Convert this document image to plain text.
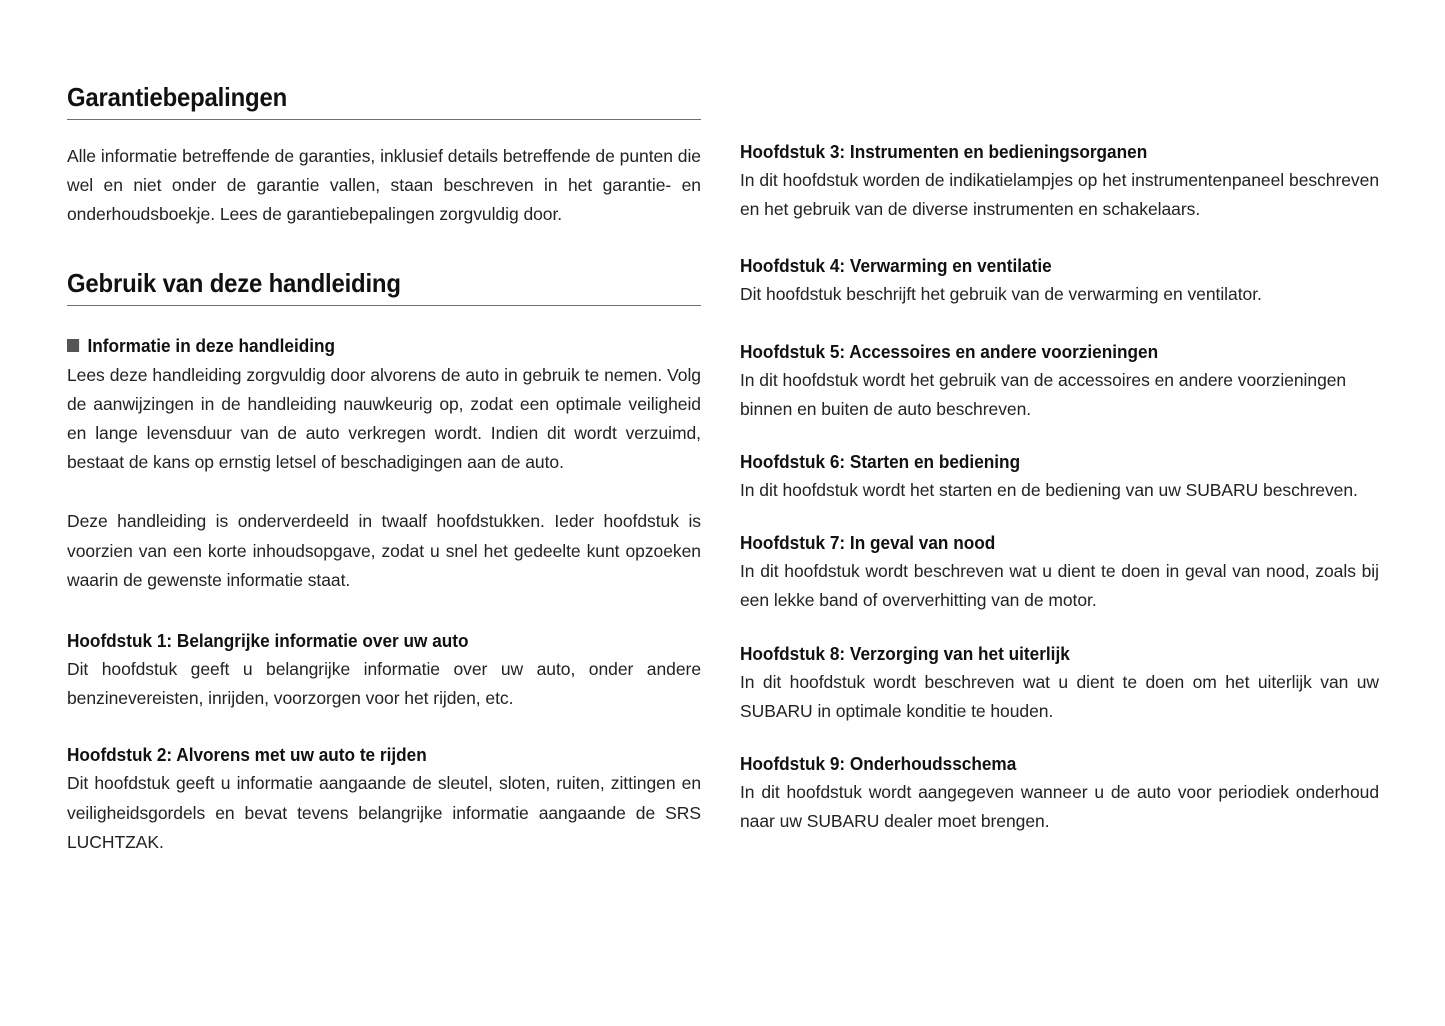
Garantiebepalingen

Alle informatie betreffende de garanties, inklusief details betreffende de punten die wel en niet onder de garantie vallen, staan beschreven in het garantie- en onderhoudsboekje. Lees de garantiebepalingen zorgvuldig door.

Gebruik van deze handleiding
Informatie in deze handleiding

Lees deze handleiding zorgvuldig door alvorens de auto in gebruik te nemen. Volg de aanwijzingen in de handleiding nauwkeurig op, zodat een optimale veiligheid en lange levensduur van de auto verkregen wordt. Indien dit wordt verzuimd, bestaat de kans op ernstig letsel of beschadigingen aan de auto.

Deze handleiding is onderverdeeld in twaalf hoofdstukken. Ieder hoofdstuk is voorzien van een korte inhoudsopgave, zodat u snel het gedeelte kunt opzoeken waarin de gewenste informatie staat.

Hoofdstuk 1: Belangrijke informatie over uw auto

Dit hoofdstuk geeft u belangrijke informatie over uw auto, onder andere benzinevereisten, inrijden, voorzorgen voor het rijden, etc.

Hoofdstuk 2: Alvorens met uw auto te rijden

Dit hoofdstuk geeft u informatie aangaande de sleutel, sloten, ruiten, zittingen en veiligheidsgordels en bevat tevens belangrijke informatie aangaande de SRS LUCHTZAK.

Hoofdstuk 3: Instrumenten en bedieningsorganen

In dit hoofdstuk worden de indikatielampjes op het instrumentenpaneel beschreven en het gebruik van de diverse instrumenten en schakelaars.

Hoofdstuk 4: Verwarming en ventilatie

Dit hoofdstuk beschrijft het gebruik van de verwarming en ventilator.

Hoofdstuk 5: Accessoires en andere voorzieningen

In dit hoofdstuk wordt het gebruik van de accessoires en andere voorzieningen binnen en buiten de auto beschreven.

Hoofdstuk 6: Starten en bediening

In dit hoofdstuk wordt het starten en de bediening van uw SUBARU beschreven.

Hoofdstuk 7: In geval van nood

In dit hoofdstuk wordt beschreven wat u dient te doen in geval van nood, zoals bij een lekke band of oververhitting van de motor.

Hoofdstuk 8: Verzorging van het uiterlijk

In dit hoofdstuk wordt beschreven wat u dient te doen om het uiterlijk van uw SUBARU in optimale konditie te houden.

Hoofdstuk 9: Onderhoudsschema

In dit hoofdstuk wordt aangegeven wanneer u de auto voor periodiek onderhoud naar uw SUBARU dealer moet brengen.
